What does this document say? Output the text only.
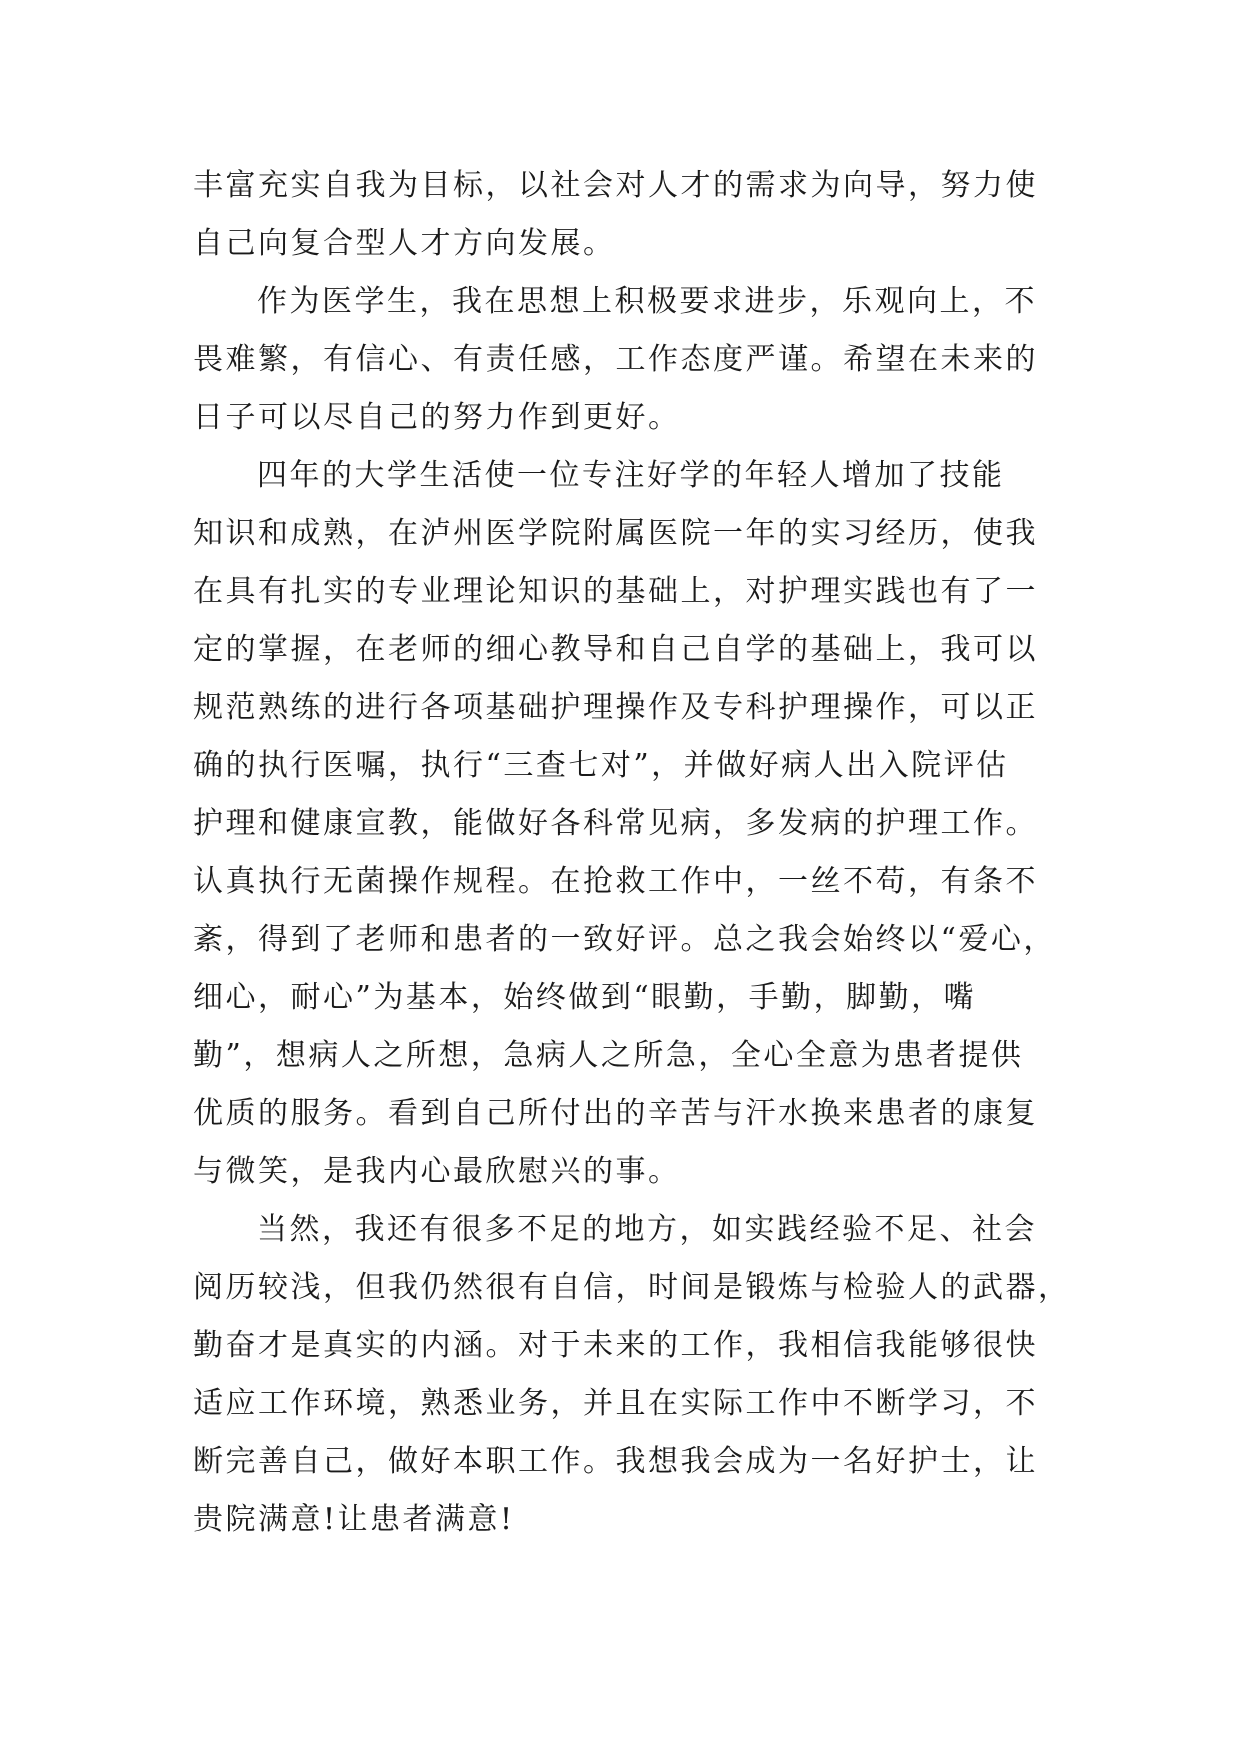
丰富充实自我为目标，以社会对人才的需求为向导，努力使
自己向复合型人才方向发展。
作为医学生，我在思想上积极要求进步，乐观向上，不
畏难繁，有信心、有责任感，工作态度严谨。希望在未来的
日子可以尽自己的努力作到更好。
四年的大学生活使一位专注好学的年轻人增加了技能
知识和成熟，在泸州医学院附属医院一年的实习经历，使我
在具有扎实的专业理论知识的基础上，对护理实践也有了一
定的掌握，在老师的细心教导和自己自学的基础上，我可以
规范熟练的进行各项基础护理操作及专科护理操作，可以正
确的执行医嘱，执行“三查七对”，并做好病人出入院评估
护理和健康宣教，能做好各科常见病，多发病的护理工作。
认真执行无菌操作规程。在抢救工作中，一丝不苟，有条不
紊，得到了老师和患者的一致好评。总之我会始终以“爱心，
细心，耐心”为基本，始终做到“眼勤，手勤，脚勤，嘴
勤”，想病人之所想，急病人之所急，全心全意为患者提供
优质的服务。看到自己所付出的辛苦与汗水换来患者的康复
与微笑，是我内心最欣慰兴的事。
当然，我还有很多不足的地方，如实践经验不足、社会
阅历较浅，但我仍然很有自信，时间是锻炼与检验人的武器，
勤奋才是真实的内涵。对于未来的工作，我相信我能够很快
适应工作环境，熟悉业务，并且在实际工作中不断学习，不
断完善自己，做好本职工作。我想我会成为一名好护士，让
贵院满意!让患者满意!
